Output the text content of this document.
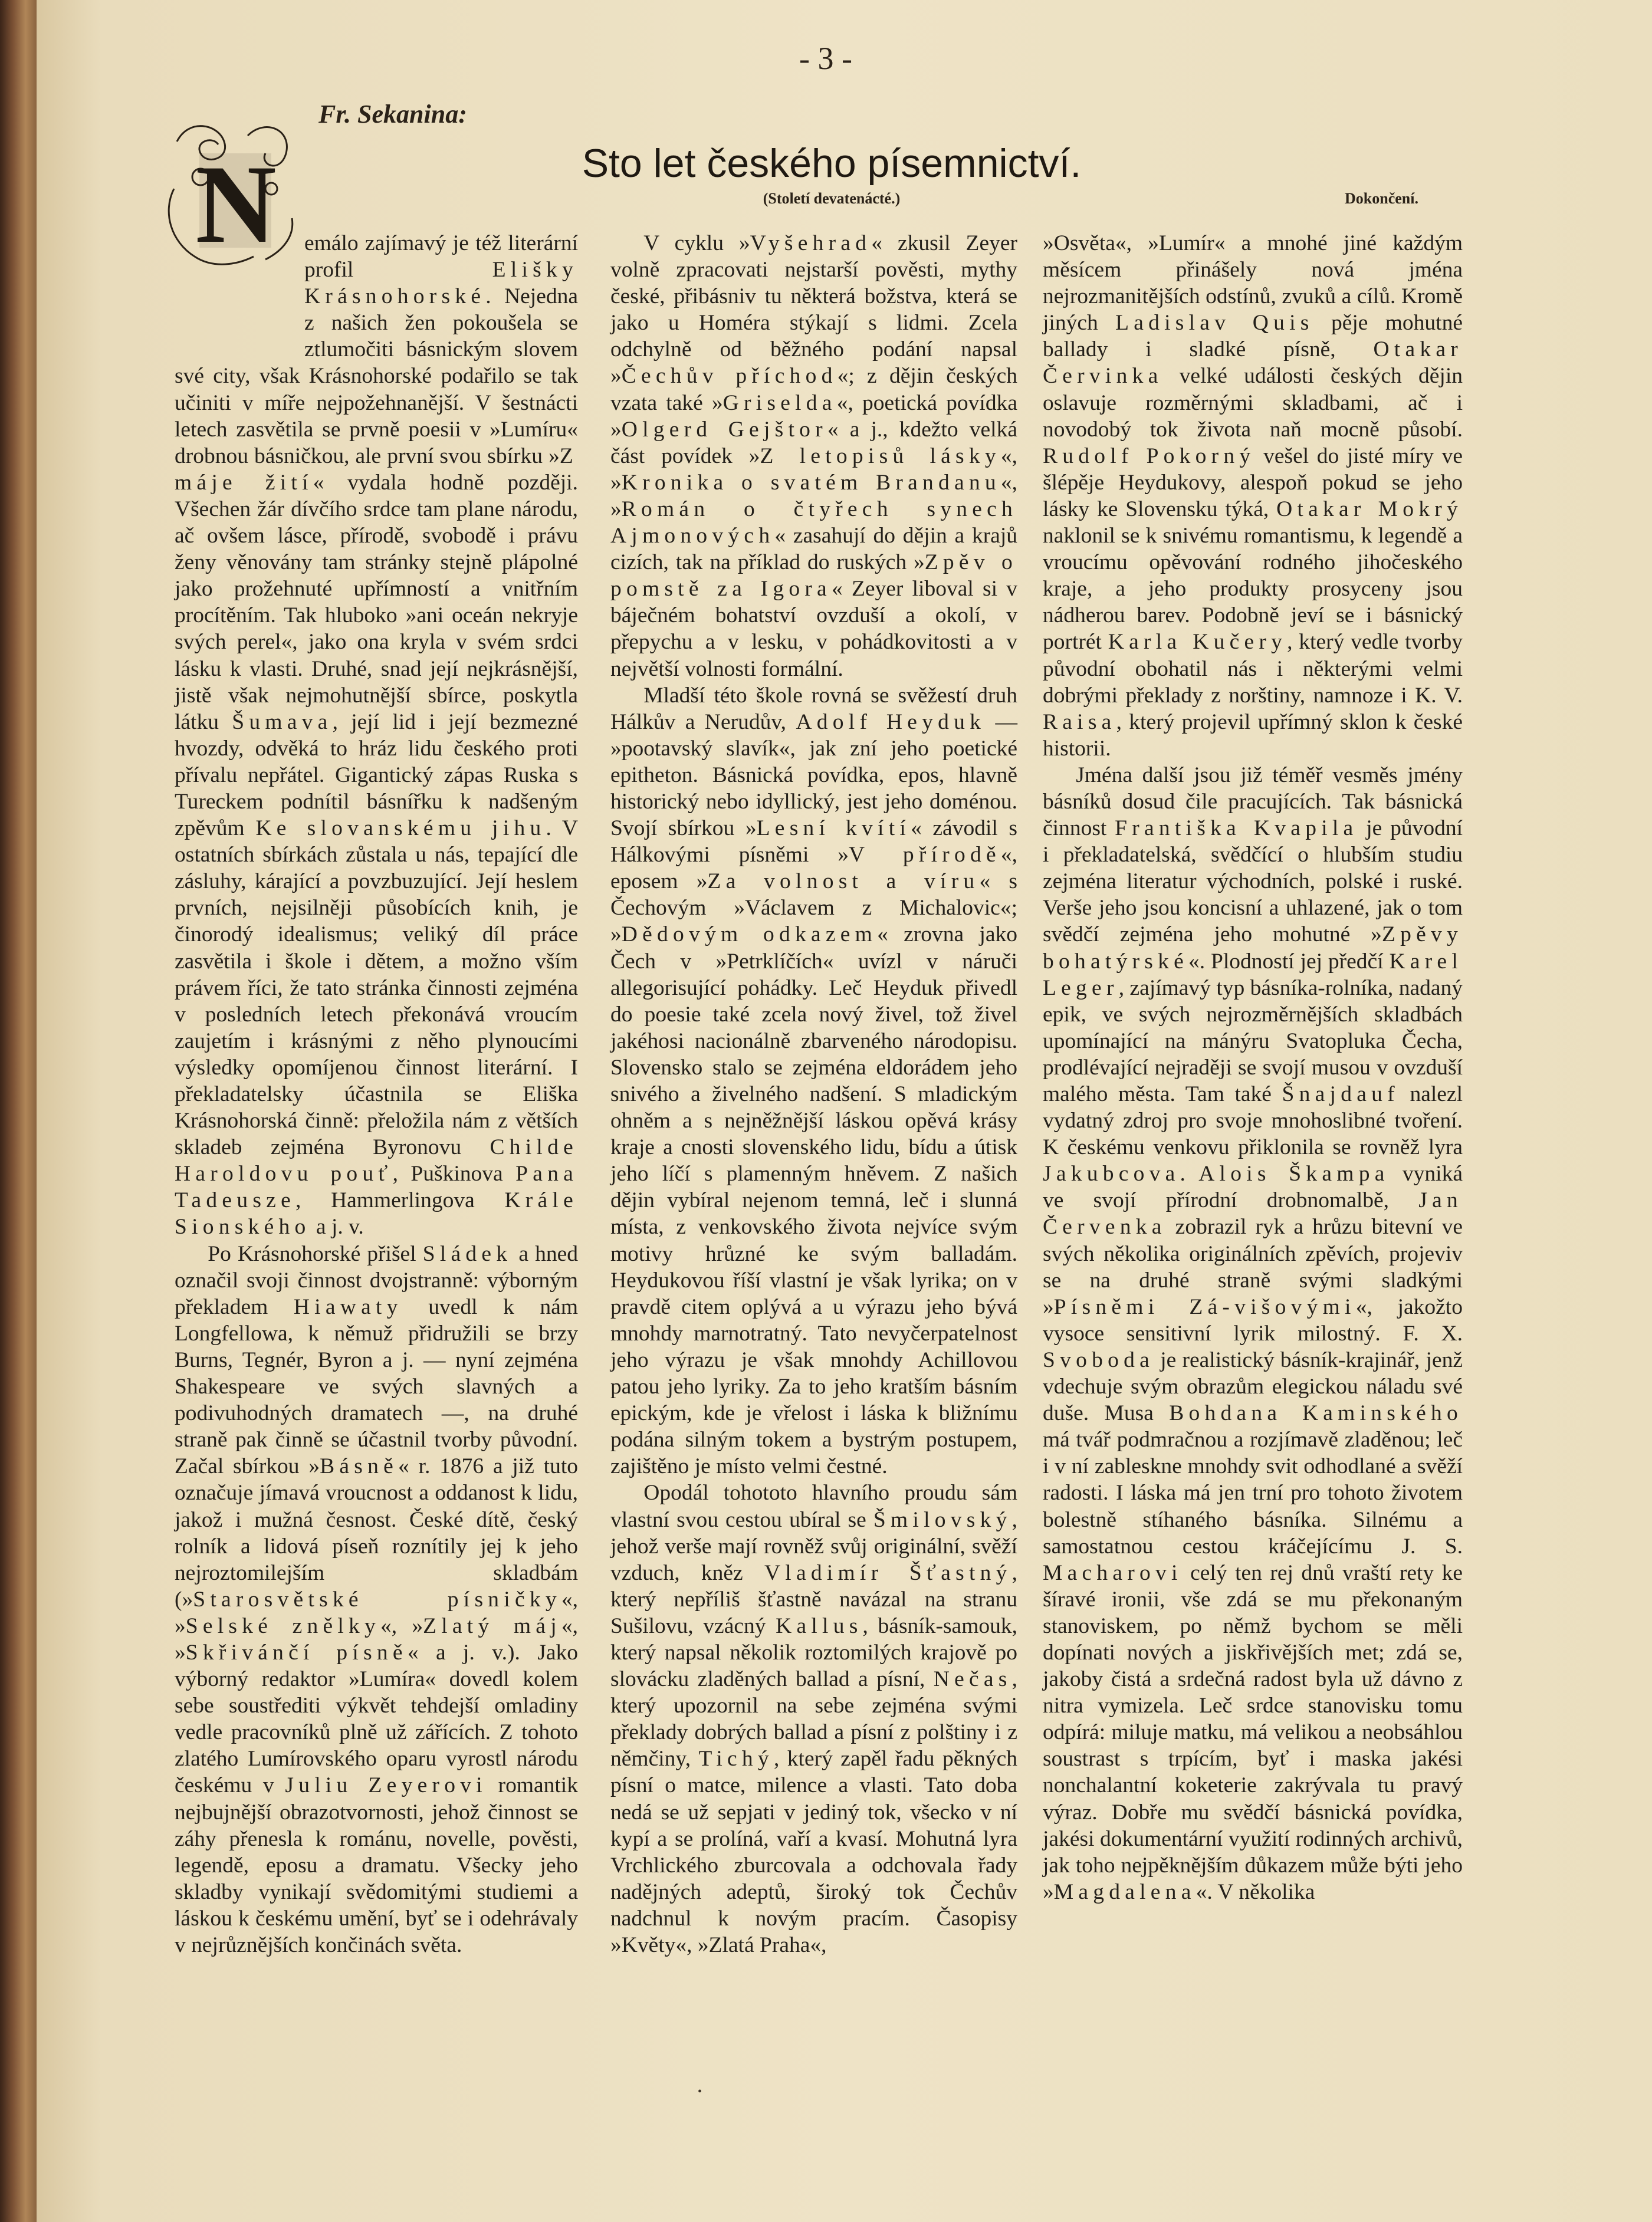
- 3 -
Fr. Sekanina:
Sto let českého písemnictví.
(Století devatenácté.)	Dokončení.
N	emálo zajímavý je též literární profil Elišky Krásnohorské. Nejedna z našich žen pokoušela se ztlumočiti básnickým slovem své city, však Krásnohorské podařilo se tak učiniti v míře nejpožehnanější. V šestnácti letech zasvětila se prvně poesii v »Lumíru« drobnou básničkou, ale první svou sbírku »Z máje žití« vydala hodně později. Všechen žár dívčího srdce tam plane národu, ač ovšem lásce, přírodě, svobodě i právu ženy věnovány tam stránky stejně plápolné jako prožehnuté upřímností a vnitřním procítěním. Tak hluboko »ani oceán nekryje svých perel«, jako ona kryla v svém srdci lásku k vlasti. Druhé, snad její nejkrásnější, jistě však nejmohutnější sbírce, poskytla látku Šumava, její lid i její bezmezné hvozdy, odvěká to hráz lidu českého proti přívalu nepřátel. Gigantický zápas Ruska s Tureckem podnítil básnířku k nadšeným zpěvům Ke slovanskému jihu. V ostatních sbírkách zůstala u nás, tepající dle zásluhy, kárající a povzbuzující. Její heslem prvních, nejsilněji působících knih, je činorodý idealismus; veliký díl práce zasvětila i škole i dětem, a možno vším právem říci, že tato stránka činnosti zejména v posledních letech překonává vroucím zaujetím i krásnými z něho plynoucími výsledky opomíjenou činnost literární. I překladatelsky účastnila se Eliška Krásnohorská činně: přeložila nám z větších skladeb zejména Byronovu Childe Haroldovu pouť, Puškinova Pana Tadeusze, Hammerlingova Krále Sionského a j. v.

Po Krásnohorské přišel Sládek a hned označil svoji činnost dvojstranně: výborným překladem Hiawaty uvedl k nám Longfellowa, k němuž přidružili se brzy Burns, Tegnér, Byron a j. — nyní zejména Shakespeare ve svých slavných a podivuhodných dramatech —, na druhé straně pak činně se účastnil tvorby původní. Začal sbírkou »Básně« r. 1876 a již tuto označuje jímavá vroucnost a oddanost k lidu, jakož i mužná česnost. České dítě, český rolník a lidová píseň roznítily jej k jeho nejroztomilejším skladbám (»Starosvětské písničky«, »Selské znělky«, »Zlatý máj«, »Skřivánčí písně« a j. v.). Jako výborný redaktor »Lumíra« dovedl kolem sebe soustřediti výkvět tehdejší omladiny vedle pracovníků plně už zářících. Z tohoto zlatého Lumírovského oparu vyrostl národu českému v Juliu Zeyerovi romantik nejbujnější obrazotvornosti, jehož činnost se záhy přenesla k románu, novelle, pověsti, legendě, eposu a dramatu. Všecky jeho skladby vynikají svědomitými studiemi a láskou k českému umění, byť se i odehrávaly v nejrůznějších končinách světa.

V cyklu »Vyšehrad« zkusil Zeyer volně zpracovati nejstarší pověsti, mythy české, přibásniv tu některá božstva, která se jako u Homéra stýkají s lidmi. Zcela odchylně od běžného podání napsal »Čechův příchod«; z dějin českých vzata také »Griselda«, poetická povídka »Olgerd Gejštor« a j., kdežto velká část povídek »Z letopisů lásky«, »Kronika o svatém Brandanu«, »Román o čtyřech synech Ajmonových« zasahují do dějin a krajů cizích, tak na příklad do ruských »Zpěv o pomstě za Igora« Zeyer liboval si v báječném bohatství ovzduší a okolí, v přepychu a v lesku, v pohádkovitosti a v největší volnosti formální.

Mladší této škole rovná se svěžestí druh Hálkův a Nerudův, Adolf Heyduk — »pootavský slavík«, jak zní jeho poetické epitheton. Básnická povídka, epos, hlavně historický nebo idyllický, jest jeho doménou. Svojí sbírkou »Lesní kvítí« závodil s Hálkovými písněmi »V přírodě«, eposem »Za volnost a víru« s Čechovým »Václavem z Michalovic«; »Dědovým odkazem« zrovna jako Čech v »Petrklíčích« uvízl v náruči allegorisující pohádky. Leč Heyduk přivedl do poesie také zcela nový živel, tož živel jakéhosi nacionálně zbarveného národopisu. Slovensko stalo se zejména eldorádem jeho snivého a živelného nadšení. S mladickým ohněm a s nejněžnější láskou opěvá krásy kraje a cnosti slovenského lidu, bídu a útisk jeho líčí s plamenným hněvem. Z našich dějin vybíral nejenom temná, leč i slunná místa, z venkovského života nejvíce svým motivy hrůzné ke svým balladám. Heydukovou říší vlastní je však lyrika; on v pravdě citem oplývá a u výrazu jeho bývá mnohdy marnotratný. Tato nevyčerpatelnost jeho výrazu je však mnohdy Achillovou patou jeho lyriky. Za to jeho kratším básním epickým, kde je vřelost i láska k bližnímu podána silným tokem a bystrým postupem, zajištěno je místo velmi čestné.

Opodál tohototo hlavního proudu sám vlastní svou cestou ubíral se Šmilovský, jehož verše mají rovněž svůj originální, svěží vzduch, kněz Vladimír Šťastný, který nepříliš šťastně navázal na stranu Sušilovu, vzácný Kallus, básník-samouk, který napsal několik roztomilých krajově po slovácku zladěných ballad a písní, Nečas, který upozornil na sebe zejména svými překlady dobrých ballad a písní z polštiny i z němčiny, Tichý, který zapěl řadu pěkných písní o matce, milence a vlasti. Tato doba nedá se už sepjati v jediný tok, všecko v ní kypí a se prolíná, vaří a kvasí. Mohutná lyra Vrchlického zburcovala a odchovala řady nadějných adeptů, široký tok Čechův nadchnul k novým pracím. Časopisy »Květy«, »Zlatá Praha«,

»Osvěta«, »Lumír« a mnohé jiné každým měsícem přinášely nová jména nejrozmanitějších odstínů, zvuků a cílů. Kromě jiných Ladislav Quis pěje mohutné ballady i sladké písně, Otakar Červinka velké události českých dějin oslavuje rozměrnými skladbami, ač i novodobý tok života naň mocně působí. Rudolf Pokorný vešel do jisté míry ve šlépěje Heydukovy, alespoň pokud se jeho lásky ke Slovensku týká, Otakar Mokrý naklonil se k snivému romantismu, k legendě a vroucímu opěvování rodného jihočeského kraje, a jeho produkty prosyceny jsou nádherou barev. Podobně jeví se i básnický portrét Karla Kučery, který vedle tvorby původní obohatil nás i některými velmi dobrými překlady z norštiny, namnoze i K. V. Raisa, který projevil upřímný sklon k české historii.

Jména další jsou již téměř vesměs jmény básníků dosud čile pracujících. Tak básnická činnost Františka Kvapila je původní i překladatelská, svědčící o hlubším studiu zejména literatur východních, polské i ruské. Verše jeho jsou koncisní a uhlazené, jak o tom svědčí zejména jeho mohutné »Zpěvy bohatýrské«. Plodností jej předčí Karel Leger, zajímavý typ básníka-rolníka, nadaný epik, ve svých nejrozměrnějších skladbách upomínající na mánýru Svatopluka Čecha, prodlévající nejraději se svojí musou v ovzduší malého města. Tam také Šnajdauf nalezl vydatný zdroj pro svoje mnohoslibné tvoření. K českému venkovu přiklonila se rovněž lyra Jakubcova. Alois Škampa vyniká ve svojí přírodní drobnomalbě, Jan Červenka zobrazil ryk a hrůzu bitevní ve svých několika originálních zpěvích, projeviv se na druhé straně svými sladkými »Písněmi Zá-višovými«, jakožto vysoce sensitivní lyrik milostný. F. X. Svoboda je realistický básník-krajinář, jenž vdechuje svým obrazům elegickou náladu své duše. Musa Bohdana Kaminského má tvář podmračnou a rozjímavě zladěnou; leč i v ní zableskne mnohdy svit odhodlané a svěží radosti. I láska má jen trní pro tohoto životem bolestně stíhaného básníka. Silnému a samostatnou cestou kráčejícímu J. S. Macharovi celý ten rej dnů vraští rety ke šíravé ironii, vše zdá se mu překonaným stanoviskem, po němž bychom se měli dopínati nových a jiskřivějších met; zdá se, jakoby čistá a srdečná radost byla už dávno z nitra vymizela. Leč srdce stanovisku tomu odpírá: miluje matku, má velikou a neobsáhlou soustrast s trpícím, byť i maska jakési nonchalantní koketerie zakrývala tu pravý výraz. Dobře mu svědčí básnická povídka, jakési dokumentární využití rodinných archivů, jak toho nejpěknějším důkazem může býti jeho »Magdalena«. V několika

•
